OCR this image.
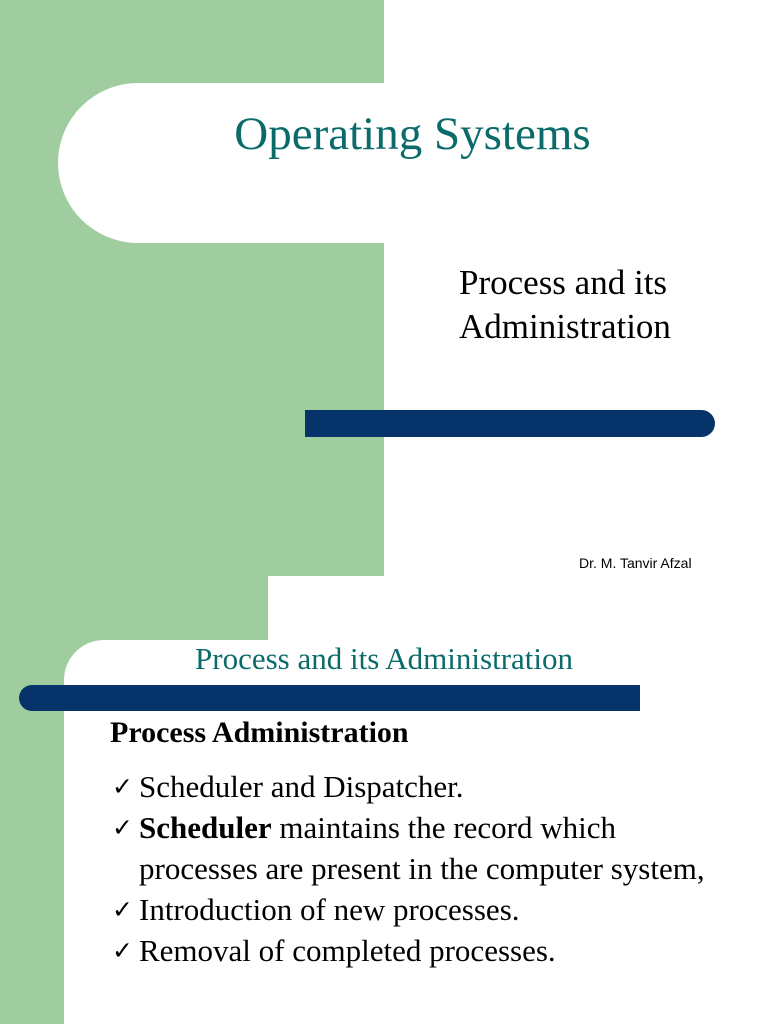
Operating Systems
Process and its
Administration
Dr. M. Tanvir Afzal
Process and its Administration
Process Administration
✓ Scheduler and Dispatcher.
✓ Scheduler maintains the record which processes are present in the computer system,
✓ Introduction of new processes.
✓ Removal of completed processes.
